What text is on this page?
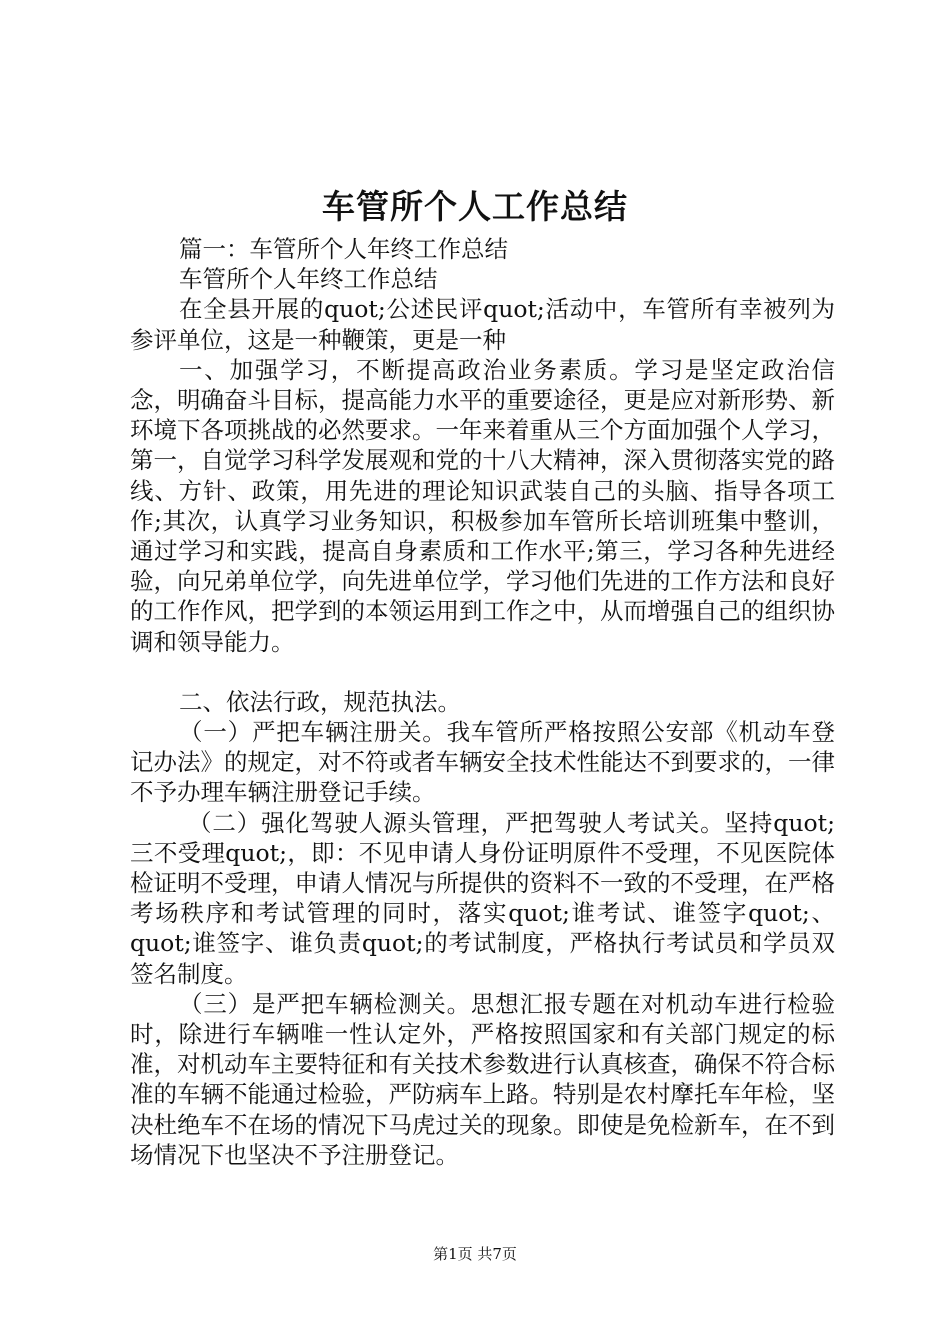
车管所个人工作总结

篇一：车管所个人年终工作总结

车管所个人年终工作总结

在全县开展的quot;公述民评quot;活动中，车管所有幸被列为参评单位，这是一种鞭策，更是一种

一、加强学习，不断提高政治业务素质。学习是坚定政治信念，明确奋斗目标，提高能力水平的重要途径，更是应对新形势、新环境下各项挑战的必然要求。一年来着重从三个方面加强个人学习，第一，自觉学习科学发展观和党的十八大精神，深入贯彻落实党的路线、方针、政策，用先进的理论知识武装自己的头脑、指导各项工作;其次，认真学习业务知识，积极参加车管所长培训班集中整训，通过学习和实践，提高自身素质和工作水平;第三，学习各种先进经验，向兄弟单位学，向先进单位学，学习他们先进的工作方法和良好的工作作风，把学到的本领运用到工作之中，从而增强自己的组织协调和领导能力。

二、依法行政，规范执法。

（一）严把车辆注册关。我车管所严格按照公安部《机动车登记办法》的规定，对不符或者车辆安全技术性能达不到要求的，一律不予办理车辆注册登记手续。

（二）强化驾驶人源头管理，严把驾驶人考试关。坚持quot;三不受理quot;，即：不见申请人身份证明原件不受理，不见医院体检证明不受理，申请人情况与所提供的资料不一致的不受理，在严格考场秩序和考试管理的同时，落实quot;谁考试、谁签字quot;、quot;谁签字、谁负责quot;的考试制度，严格执行考试员和学员双签名制度。

（三）是严把车辆检测关。思想汇报专题在对机动车进行检验时，除进行车辆唯一性认定外，严格按照国家和有关部门规定的标准，对机动车主要特征和有关技术参数进行认真核查，确保不符合标准的车辆不能通过检验，严防病车上路。特别是农村摩托车年检，坚决杜绝车不在场的情况下马虎过关的现象。即使是免检新车，在不到场情况下也坚决不予注册登记。

第1页 共7页
